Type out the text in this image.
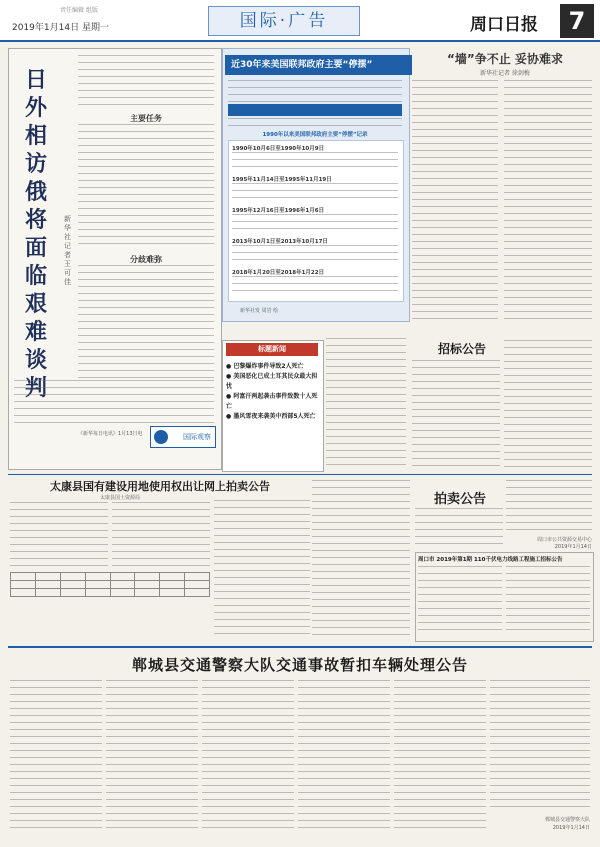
责任编辑 组版
2019年1月14日 星期一	国际·广告	周口日报	7
日
外
相
访
俄
将
面
临
艰
难
谈
判
新华社记者 王可佳
主要任务
分歧难弥
《新华每日电讯》1月13日电	国际观察
近30年来美国联邦政府主要“停摆”
1990年以来美国联邦政府主要“停摆”记录
1990年10月6日至1990年10月9日
1995年11月14日至1995年11月19日
1995年12月16日至1996年1月6日
2013年10月1日至2013年10月17日
2018年1月20日至2018年1月22日
新华社发 周岩 绘
“墙”争不止 妥协难求
新华社记者 徐剑梅
标题新闻
● 巴黎爆炸事件导致2人死亡
● 美国恶化已成土耳其民众最大担忧
● 阿富汗两起袭击事件致数十人死亡
● 墨风雪夜来袭美中西部5人死亡
招标公告
太康县国有建设用地使用权出让网上拍卖公告
太康县国土资源局

								拍卖公告
周口市公共资源交易中心
2019年1月14日
周口市 2019年第1期 110千伏电力线路工程施工招标公告
郸城县交通警察大队交通事故暂扣车辆处理公告
郸城县交通警察大队
2019年1月14日
